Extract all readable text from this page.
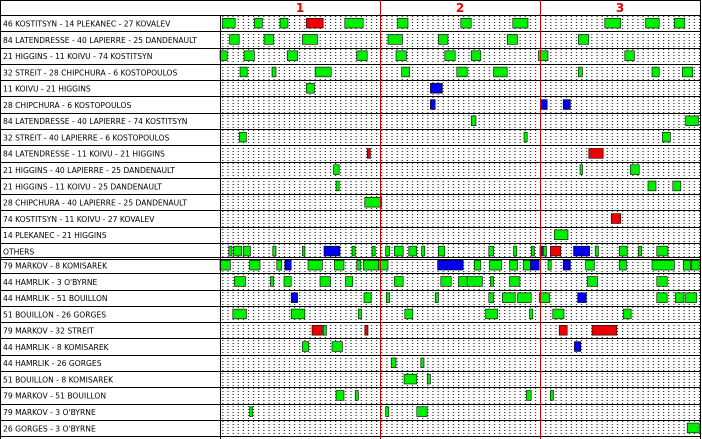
1	2	3
46 KOSTITSYN - 14 PLEKANEC - 27 KOVALEV
84 LATENDRESSE - 40 LAPIERRE - 25 DANDENAULT
21 HIGGINS - 11 KOIVU - 74 KOSTITSYN
32 STREIT - 28 CHIPCHURA - 6 KOSTOPOULOS
11 KOIVU - 21 HIGGINS
28 CHIPCHURA - 6 KOSTOPOULOS
84 LATENDRESSE - 40 LAPIERRE - 74 KOSTITSYN
32 STREIT - 40 LAPIERRE - 6 KOSTOPOULOS
84 LATENDRESSE - 11 KOIVU - 21 HIGGINS
21 HIGGINS - 40 LAPIERRE - 25 DANDENAULT
21 HIGGINS - 11 KOIVU - 25 DANDENAULT
28 CHIPCHURA - 40 LAPIERRE - 25 DANDENAULT
74 KOSTITSYN - 11 KOIVU - 27 KOVALEV
14 PLEKANEC - 21 HIGGINS
OTHERS
79 MARKOV - 8 KOMISAREK
44 HAMRLIK - 3 O'BYRNE
44 HAMRLIK - 51 BOUILLON
51 BOUILLON - 26 GORGES
79 MARKOV - 32 STREIT
44 HAMRLIK - 8 KOMISAREK
44 HAMRLIK - 26 GORGES
51 BOUILLON - 8 KOMISAREK
79 MARKOV - 51 BOUILLON
79 MARKOV - 3 O'BYRNE
26 GORGES - 3 O'BYRNE
